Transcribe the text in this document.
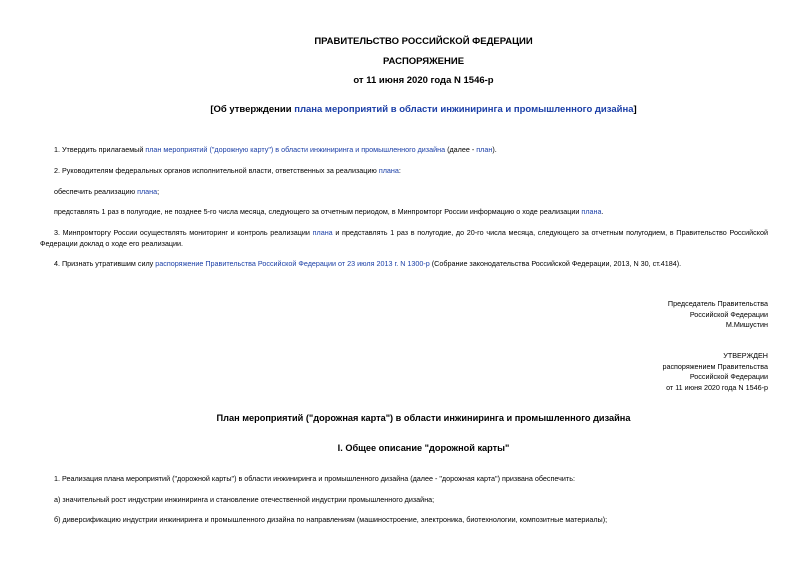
ПРАВИТЕЛЬСТВО РОССИЙСКОЙ ФЕДЕРАЦИИ
РАСПОРЯЖЕНИЕ
от 11 июня 2020 года N 1546-р
[Об утверждении плана мероприятий в области инжиниринга и промышленного дизайна]
1. Утвердить прилагаемый план мероприятий ("дорожную карту") в области инжиниринга и промышленного дизайна (далее - план).
2. Руководителям федеральных органов исполнительной власти, ответственных за реализацию плана:
обеспечить реализацию плана;
представлять 1 раз в полугодие, не позднее 5-го числа месяца, следующего за отчетным периодом, в Минпромторг России информацию о ходе реализации плана.
3. Минпромторгу России осуществлять мониторинг и контроль реализации плана и представлять 1 раз в полугодие, до 20-го числа месяца, следующего за отчетным полугодием, в Правительство Российской Федерации доклад о ходе его реализации.
4. Признать утратившим силу распоряжение Правительства Российской Федерации от 23 июля 2013 г. N 1300-р (Собрание законодательства Российской Федерации, 2013, N 30, ст.4184).
Председатель Правительства
Российской Федерации
М.Мишустин
УТВЕРЖДЕН
распоряжением Правительства
Российской Федерации
от 11 июня 2020 года N 1546-р
План мероприятий ("дорожная карта") в области инжиниринга и промышленного дизайна
I. Общее описание "дорожной карты"
1. Реализация плана мероприятий ("дорожной карты") в области инжиниринга и промышленного дизайна (далее - "дорожная карта") призвана обеспечить:
а) значительный рост индустрии инжиниринга и становление отечественной индустрии промышленного дизайна;
б) диверсификацию индустрии инжиниринга и промышленного дизайна по направлениям (машиностроение, электроника, биотехнологии, композитные материалы);
